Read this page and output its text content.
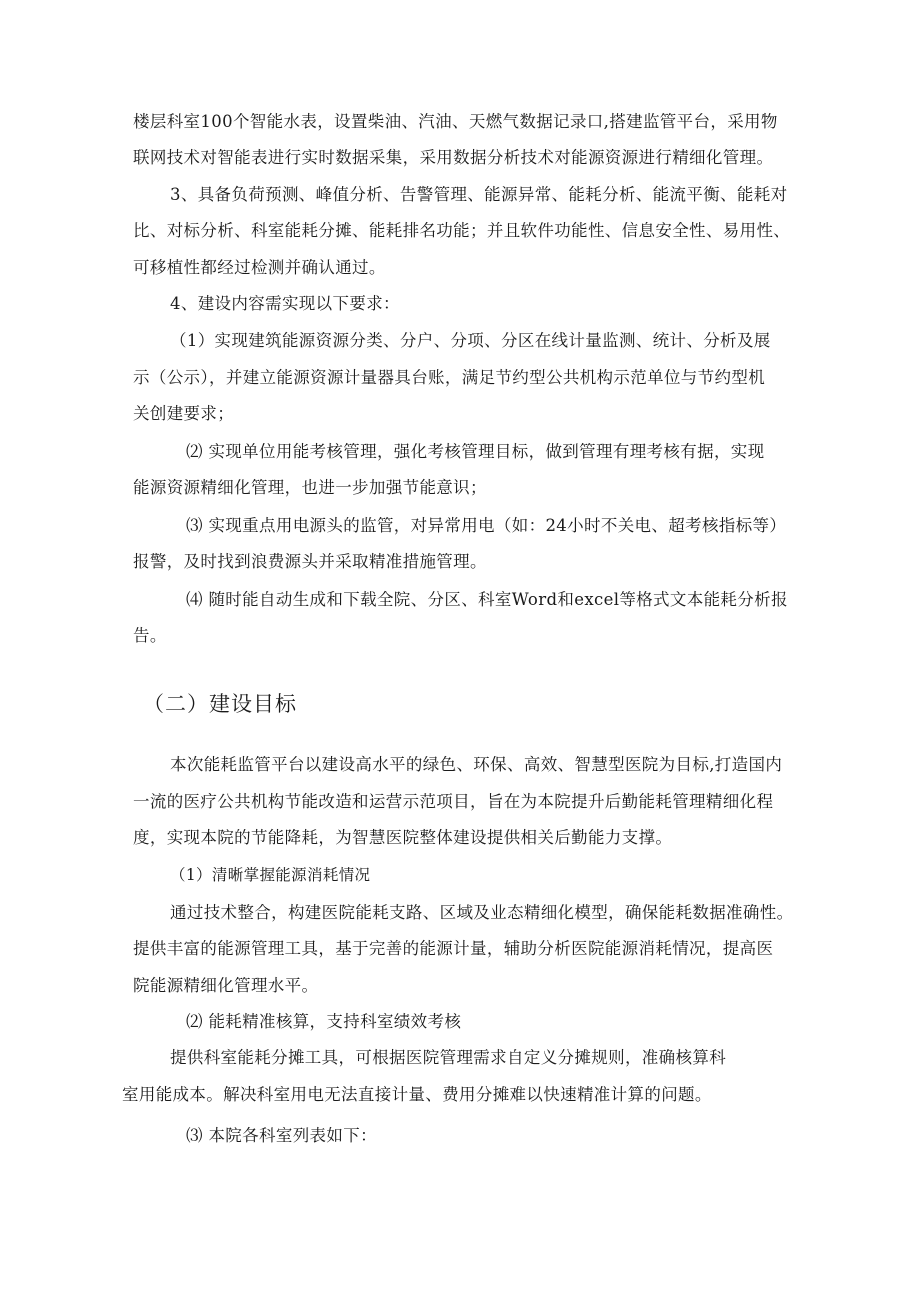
楼层科室100个智能水表，设置柴油、汽油、天燃气数据记录口,搭建监管平台，采用物
联网技术对智能表进行实时数据采集，采用数据分析技术对能源资源进行精细化管理。
3、具备负荷预测、峰值分析、告警管理、能源异常、能耗分析、能流平衡、能耗对
比、对标分析、科室能耗分摊、能耗排名功能；并且软件功能性、信息安全性、易用性、
可移植性都经过检测并确认通过。
4、建设内容需实现以下要求：
（1）实现建筑能源资源分类、分户、分项、分区在线计量监测、统计、分析及展
示（公示），并建立能源资源计量器具台账，满足节约型公共机构示范单位与节约型机
关创建要求；
⑵ 实现单位用能考核管理，强化考核管理目标，做到管理有理考核有据，实现
能源资源精细化管理，也进一步加强节能意识；
⑶ 实现重点用电源头的监管，对异常用电（如：24小时不关电、超考核指标等）
报警，及时找到浪费源头并采取精准措施管理。
⑷ 随时能自动生成和下载全院、分区、科室Word和excel等格式文本能耗分析报
告。
（二）建设目标
本次能耗监管平台以建设高水平的绿色、环保、高效、智慧型医院为目标,打造国内
一流的医疗公共机构节能改造和运营示范项目，旨在为本院提升后勤能耗管理精细化程
度，实现本院的节能降耗，为智慧医院整体建设提供相关后勤能力支撑。
（1）清晰掌握能源消耗情况
通过技术整合，构建医院能耗支路、区域及业态精细化模型，确保能耗数据准确性。
提供丰富的能源管理工具，基于完善的能源计量，辅助分析医院能源消耗情况，提高医
院能源精细化管理水平。
⑵ 能耗精准核算，支持科室绩效考核
提供科室能耗分摊工具，可根据医院管理需求自定义分摊规则，准确核算科
室用能成本。解决科室用电无法直接计量、费用分摊难以快速精准计算的问题。
⑶ 本院各科室列表如下：
